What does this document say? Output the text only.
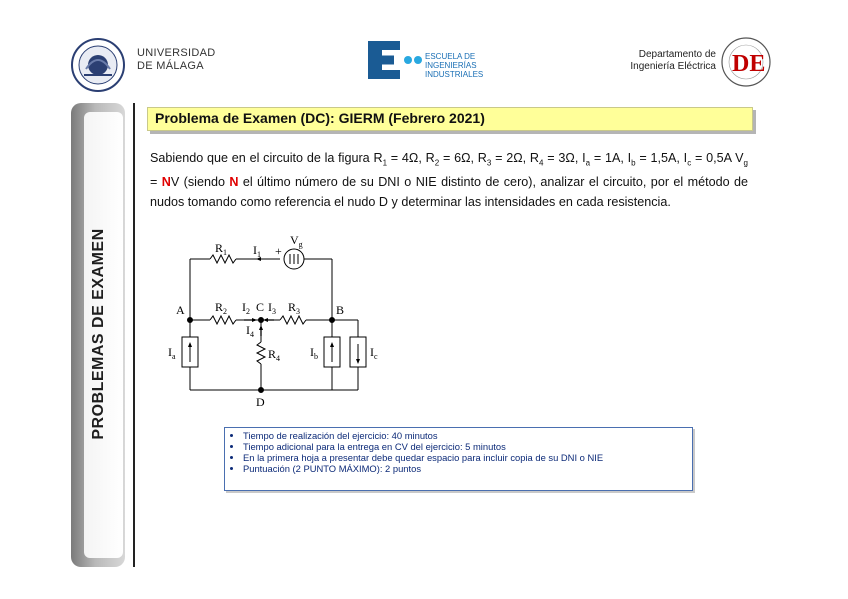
UNIVERSIDAD
DE MÁLAGA
ESCUELA DE
INGENIERÍAS
INDUSTRIALES
Departamento de
Ingeniería Eléctrica DE
PROBLEMAS DE EXAMEN
Problema de Examen (DC): GIERM (Febrero 2021)
Sabiendo que en el circuito de la figura $R_1 = 4\Omega$, $R_2 = 6\Omega$, $R_3 = 2\Omega$, $R_4 = 3\Omega$, $I_a = 1A$, $I_b = 1,5A$, $I_c = 0,5A$ $V_g$ = NV (siendo N el último número de su DNI o NIE distinto de cero), analizar el circuito, por el método de nudos tomando como referencia el nudo D y determinar las intensidades en cada resistencia.
$R_1$ $I_1$ +
$V_g$
A	$R_2$ $I_2$ C $I_3$ $R_3$	B
$I_4$
$R_4$
$I_a$	$I_b$	$I_c$
D
• Tiempo de realización del ejercicio: 40 minutos
• Tiempo adicional para la entrega en CV del ejercicio: 5 minutos
• En la primera hoja a presentar debe quedar espacio para incluir copia de su DNI o NIE
• Puntuación (2 PUNTO MÁXIMO): 2 puntos
